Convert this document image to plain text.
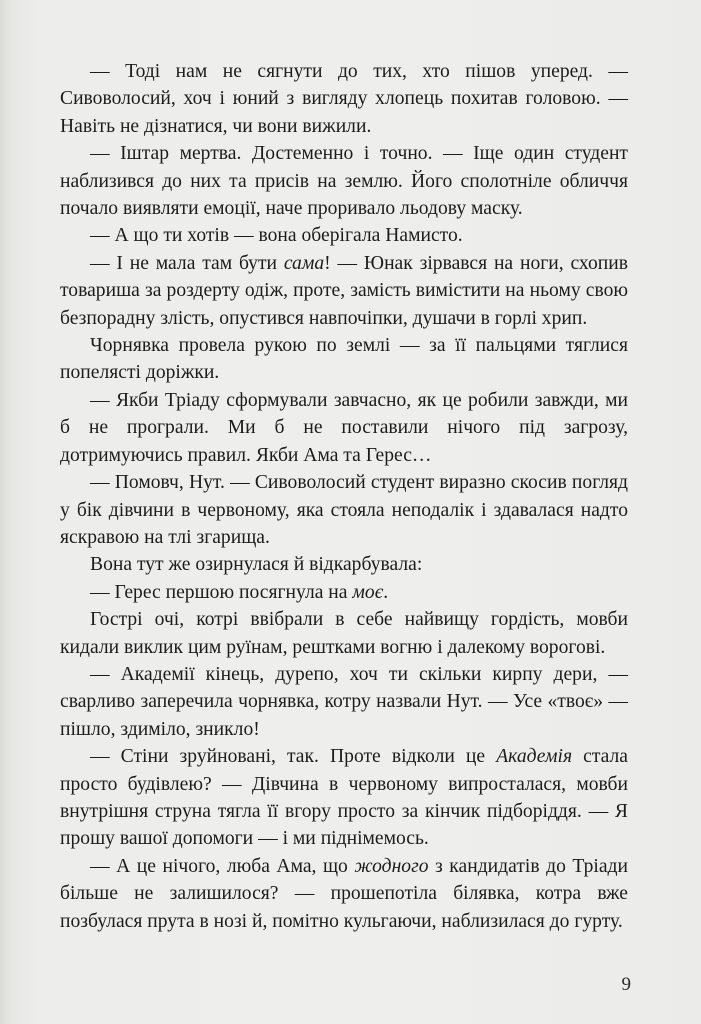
— Тоді нам не сягнути до тих, хто пішов уперед. — Сивоволосий, хоч і юний з вигляду хлопець похитав головою. — Навіть не дізнатися, чи вони вижили.

— Іштар мертва. Достеменно і точно. — Іще один студент наблизився до них та присів на землю. Його сполотніле обличчя почало виявляти емоції, наче проривало льодову маску.

— А що ти хотів — вона оберігала Намисто.

— І не мала там бути сама! — Юнак зірвався на ноги, схопив товариша за роздерту одіж, проте, замість вимістити на ньому свою безпорадну злість, опустився навпочіпки, душачи в горлі хрип.

Чорнявка провела рукою по землі — за її пальцями тяглися попелясті доріжки.

— Якби Тріаду сформували завчасно, як це робили завжди, ми б не програли. Ми б не поставили нічого під загрозу, дотримуючись правил. Якби Ама та Герес…

— Помовч, Нут. — Сивоволосий студент виразно скосив погляд у бік дівчини в червоному, яка стояла неподалік і здавалася надто яскравою на тлі згарища.

Вона тут же озирнулася й відкарбувала:

— Герес першою посягнула на моє.

Гострі очі, котрі ввібрали в себе найвищу гордість, мовби кидали виклик цим руїнам, рештками вогню і далекому ворогові.

— Академії кінець, дурепо, хоч ти скільки кирпу дери, — сварливо заперечила чорнявка, котру назвали Нут. — Усе «твоє» — пішло, здиміло, зникло!

— Стіни зруйновані, так. Проте відколи це Академія стала просто будівлею? — Дівчина в червоному випросталася, мовби внутрішня струна тягла її вгору просто за кінчик підборіддя. — Я прошу вашої допомоги — і ми піднімемось.

— А це нічого, люба Ама, що жодного з кандидатів до Тріади більше не залишилося? — прошепотіла білявка, котра вже позбулася прута в нозі й, помітно кульгаючи, наблизилася до гурту.

9
